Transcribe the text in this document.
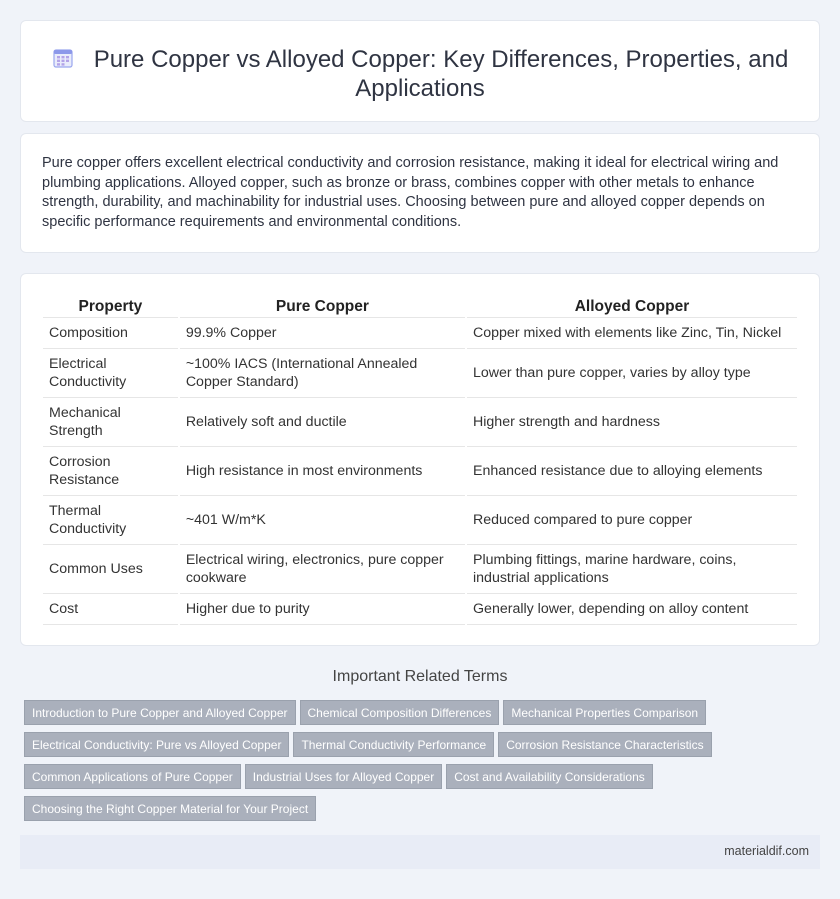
Pure Copper vs Alloyed Copper: Key Differences, Properties, and Applications

Pure copper offers excellent electrical conductivity and corrosion resistance, making it ideal for electrical wiring and plumbing applications. Alloyed copper, such as bronze or brass, combines copper with other metals to enhance strength, durability, and machinability for industrial uses. Choosing between pure and alloyed copper depends on specific performance requirements and environmental conditions.

Property	Pure Copper	Alloyed Copper
Composition	99.9% Copper	Copper mixed with elements like Zinc, Tin, Nickel
Electrical Conductivity	~100% IACS (International Annealed Copper Standard)	Lower than pure copper, varies by alloy type
Mechanical Strength	Relatively soft and ductile	Higher strength and hardness
Corrosion Resistance	High resistance in most environments	Enhanced resistance due to alloying elements
Thermal Conductivity	~401 W/m*K	Reduced compared to pure copper
Common Uses	Electrical wiring, electronics, pure copper cookware	Plumbing fittings, marine hardware, coins, industrial applications
Cost	Higher due to purity	Generally lower, depending on alloy content
Important Related Terms
Introduction to Pure Copper and Alloyed Copper Chemical Composition Differences Mechanical Properties Comparison
Electrical Conductivity: Pure vs Alloyed Copper Thermal Conductivity Performance Corrosion Resistance Characteristics
Common Applications of Pure Copper Industrial Uses for Alloyed Copper Cost and Availability Considerations
Choosing the Right Copper Material for Your Project
materialdif.com
